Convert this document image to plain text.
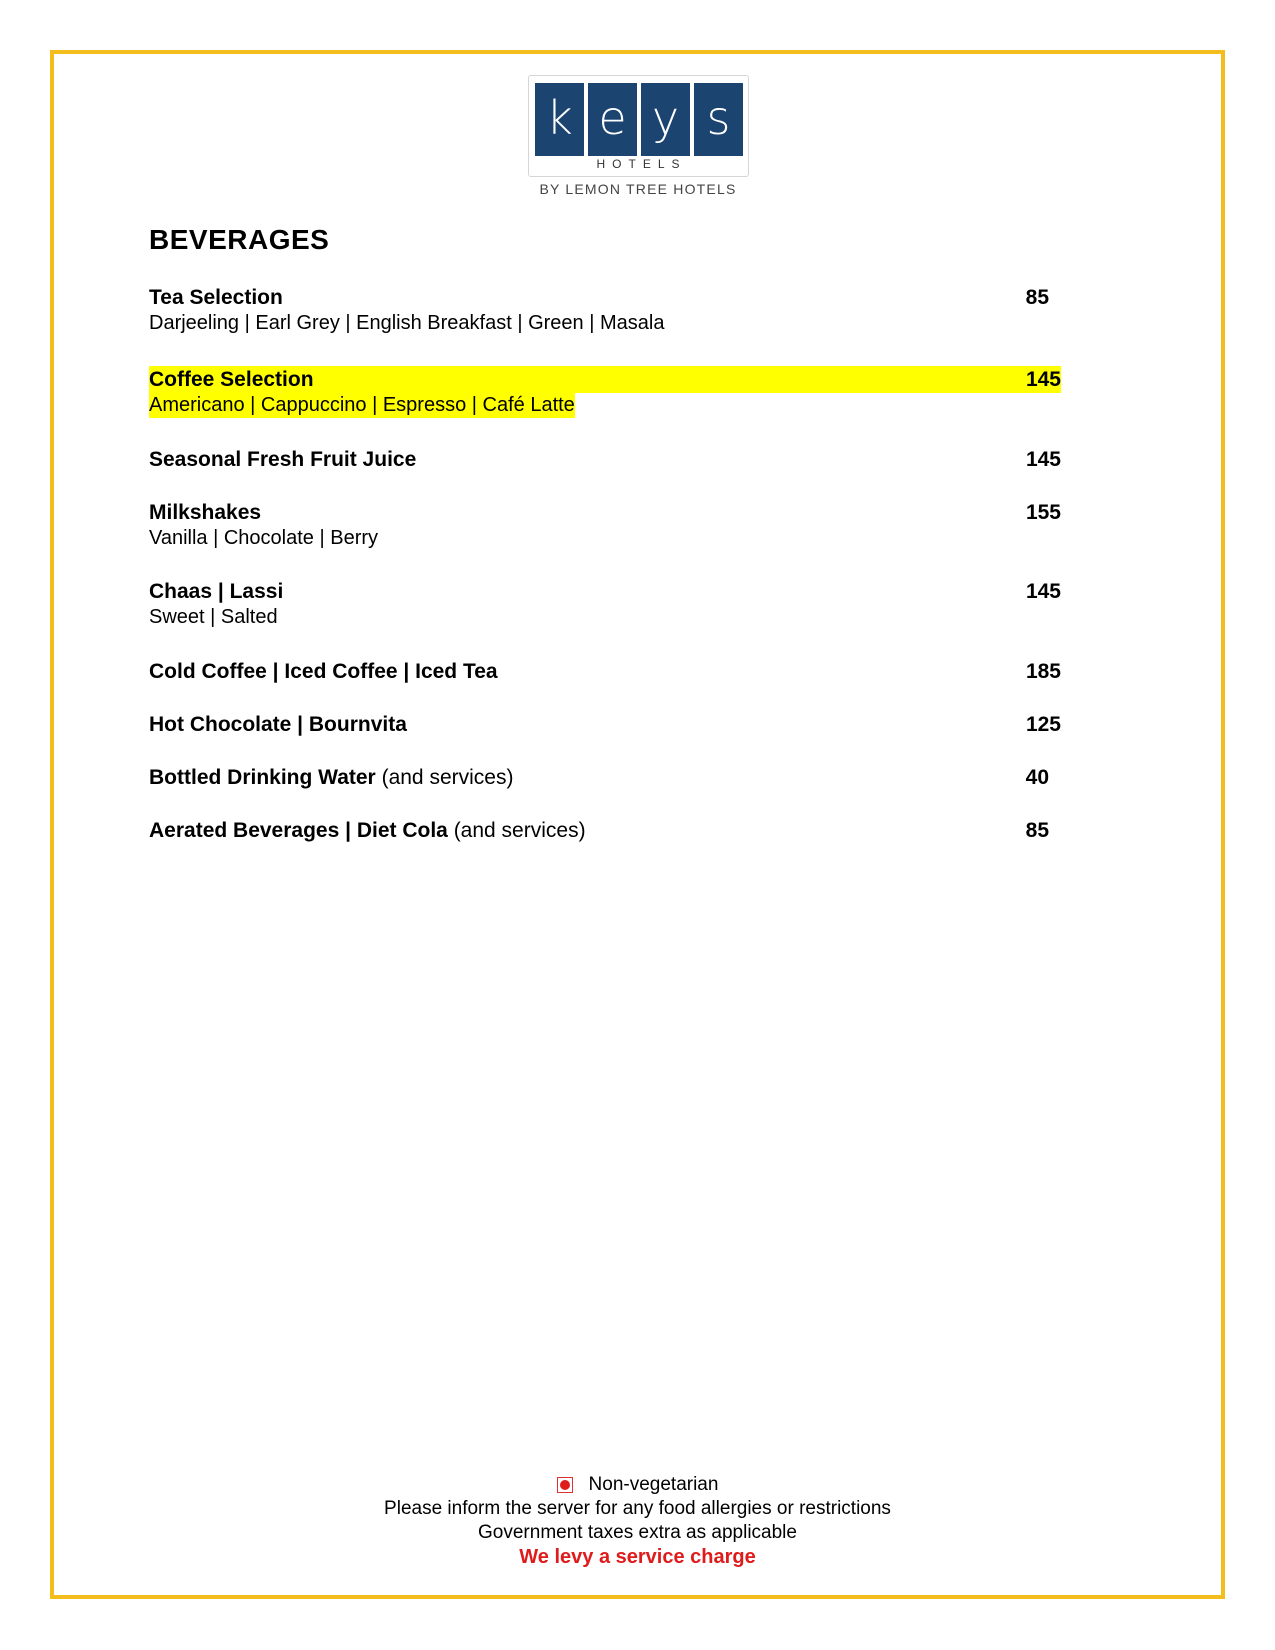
k e y s
HOTELS
BY LEMON TREE HOTELS
BEVERAGES
Tea Selection	85
Darjeeling | Earl Grey | English Breakfast | Green | Masala
Coffee Selection	145
Americano | Cappuccino | Espresso | Café Latte
Seasonal Fresh Fruit Juice	145
Milkshakes	155
Vanilla | Chocolate | Berry
Chaas | Lassi	145
Sweet | Salted
Cold Coffee | Iced Coffee | Iced Tea	185
Hot Chocolate | Bournvita	125
Bottled Drinking Water (and services)	40
Aerated Beverages | Diet Cola (and services)	85
Non-vegetarian
Please inform the server for any food allergies or restrictions
Government taxes extra as applicable
We levy a service charge
